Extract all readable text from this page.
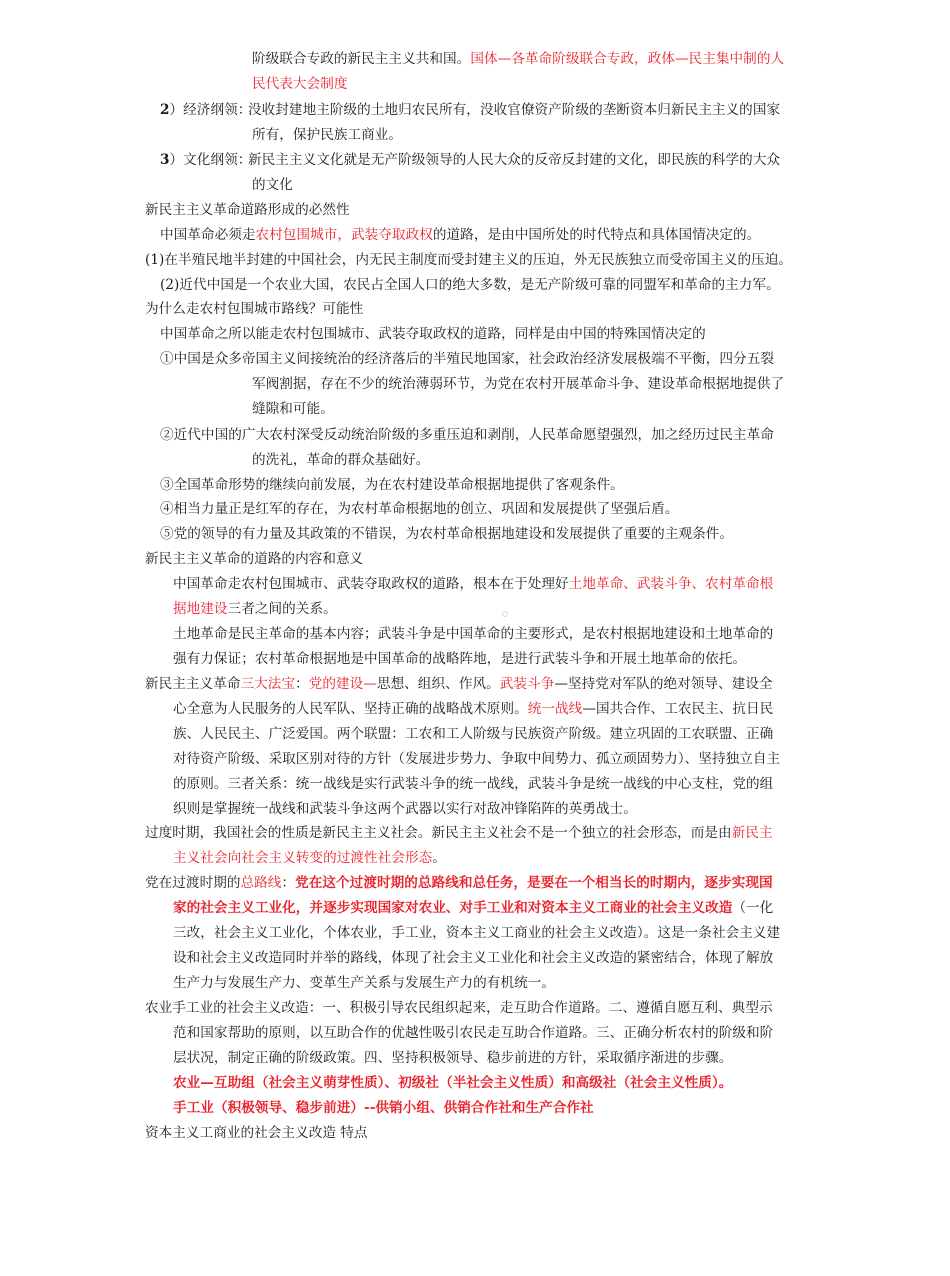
阶级联合专政的新民主主义共和国。国体—各革命阶级联合专政，政体—民主集中制的人
民代表大会制度
2）经济纲领：
没收封建地主阶级的土地归农民所有，没收官僚资产阶级的垄断资本归新民主主义的国家
所有，保护民族工商业。
3）文化纲领：
新民主主义文化就是无产阶级领导的人民大众的反帝反封建的文化，即民族的科学的大众
的文化
新民主主义革命道路形成的必然性
中国革命必须走农村包围城市，武装夺取政权的道路，是由中国所处的时代特点和具体国情决定的。
(1)在半殖民地半封建的中国社会，内无民主制度而受封建主义的压迫，外无民族独立而受帝国主义的压迫。
(2)近代中国是一个农业大国，农民占全国人口的绝大多数，是无产阶级可靠的同盟军和革命的主力军。
为什么走农村包围城市路线？可能性
中国革命之所以能走农村包围城市、武装夺取政权的道路，同样是由中国的特殊国情决定的
①中国是众多帝国主义间接统治的经济落后的半殖民地国家，社会政治经济发展极端不平衡，四分五裂
军阀割据，存在不少的统治薄弱环节，为党在农村开展革命斗争、建设革命根据地提供了
缝隙和可能。
②近代中国的广大农村深受反动统治阶级的多重压迫和剥削，人民革命愿望强烈，加之经历过民主革命
的洗礼，革命的群众基础好。
③全国革命形势的继续向前发展，为在农村建设革命根据地提供了客观条件。
④相当力量正是红军的存在，为农村革命根据地的创立、巩固和发展提供了坚强后盾。
⑤党的领导的有力量及其政策的不错误，为农村革命根据地建设和发展提供了重要的主观条件。
新民主主义革命的道路的内容和意义
中国革命走农村包围城市、武装夺取政权的道路，根本在于处理好土地革命、武装斗争、农村革命根
据地建设三者之间的关系。
土地革命是民主革命的基本内容；武装斗争是中国革命的主要形式，是农村根据地建设和土地革命的
强有力保证；农村革命根据地是中国革命的战略阵地，是进行武装斗争和开展土地革命的依托。
新民主主义革命三大法宝：党的建设—思想、组织、作风。武装斗争—坚持党对军队的绝对领导、建设全
心全意为人民服务的人民军队、坚持正确的战略战术原则。统一战线—国共合作、工农民主、抗日民
族、人民民主、广泛爱国。两个联盟：工农和工人阶级与民族资产阶级。建立巩固的工农联盟、正确
对待资产阶级、采取区别对待的方针（发展进步势力、争取中间势力、孤立顽固势力）、坚持独立自主
的原则。三者关系：统一战线是实行武装斗争的统一战线，武装斗争是统一战线的中心支柱，党的组
织则是掌握统一战线和武装斗争这两个武器以实行对敌冲锋陷阵的英勇战士。
过度时期，我国社会的性质是新民主主义社会。新民主主义社会不是一个独立的社会形态，而是由新民主
主义社会向社会主义转变的过渡性社会形态。
党在过渡时期的总路线：党在这个过渡时期的总路线和总任务，是要在一个相当长的时期内，逐步实现国
家的社会主义工业化，并逐步实现国家对农业、对手工业和对资本主义工商业的社会主义改造（一化
三改，社会主义工业化，个体农业，手工业，资本主义工商业的社会主义改造）。这是一条社会主义建
设和社会主义改造同时并举的路线，体现了社会主义工业化和社会主义改造的紧密结合，体现了解放
生产力与发展生产力、变革生产关系与发展生产力的有机统一。
农业手工业的社会主义改造：一、积极引导农民组织起来，走互助合作道路。二、遵循自愿互利、典型示
范和国家帮助的原则，以互助合作的优越性吸引农民走互助合作道路。三、正确分析农村的阶级和阶
层状况，制定正确的阶级政策。四、坚持积极领导、稳步前进的方针，采取循序渐进的步骤。
农业—互助组（社会主义萌芽性质）、初级社（半社会主义性质）和高级社（社会主义性质）。
手工业（积极领导、稳步前进）--供销小组、供销合作社和生产合作社
资本主义工商业的社会主义改造 特点
